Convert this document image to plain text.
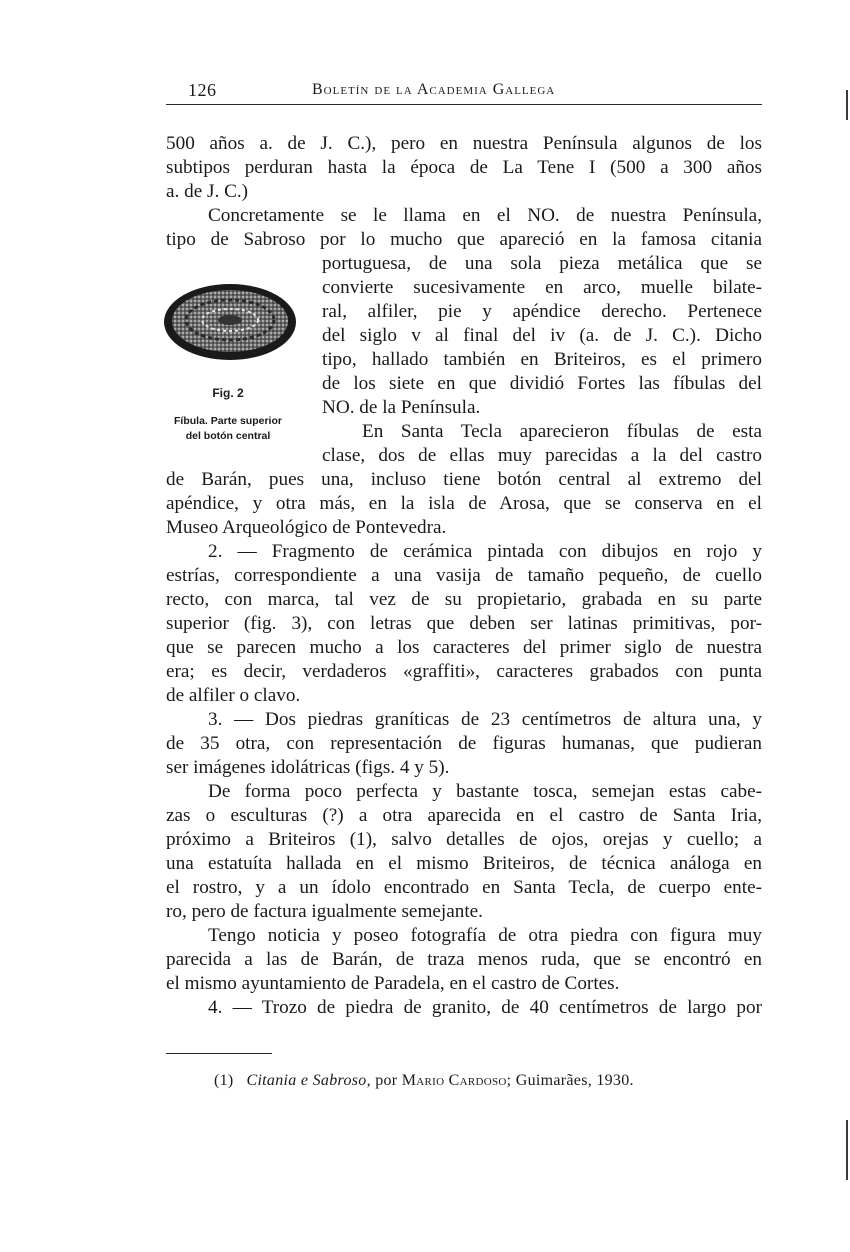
126	Boletín de la Academia Gallega
500 años a. de J. C.), pero en nuestra Península algunos de los
subtipos perduran hasta la época de La Tene I (500 a 300 años
a. de J. C.)
Concretamente se le llama en el NO. de nuestra Península,
tipo de Sabroso por lo mucho que apareció en la famosa citania
portuguesa, de una sola pieza metálica que se
convierte sucesivamente en arco, muelle bilate-
ral, alfiler, pie y apéndice derecho. Pertenece
del siglo v al final del iv (a. de J. C.). Dicho
tipo, hallado también en Briteiros, es el primero
de los siete en que dividió Fortes las fíbulas del
NO. de la Península.
En Santa Tecla aparecieron fíbulas de esta
clase, dos de ellas muy parecidas a la del castro
de Barán, pues una, incluso tiene botón central al extremo del
apéndice, y otra más, en la isla de Arosa, que se conserva en el
Museo Arqueológico de Pontevedra.
2. — Fragmento de cerámica pintada con dibujos en rojo y
estrías, correspondiente a una vasija de tamaño pequeño, de cuello
recto, con marca, tal vez de su propietario, grabada en su parte
superior (fig. 3), con letras que deben ser latinas primitivas, por-
que se parecen mucho a los caracteres del primer siglo de nuestra
era; es decir, verdaderos «graffiti», caracteres grabados con punta
de alfiler o clavo.
3. — Dos piedras graníticas de 23 centímetros de altura una, y
de 35 otra, con representación de figuras humanas, que pudieran
ser imágenes idolátricas (figs. 4 y 5).
De forma poco perfecta y bastante tosca, semejan estas cabe-
zas o esculturas (?) a otra aparecida en el castro de Santa Iria,
próximo a Briteiros (1), salvo detalles de ojos, orejas y cuello; a
una estatuíta hallada en el mismo Briteiros, de técnica análoga en
el rostro, y a un ídolo encontrado en Santa Tecla, de cuerpo ente-
ro, pero de factura igualmente semejante.
Tengo noticia y poseo fotografía de otra piedra con figura muy
parecida a las de Barán, de traza menos ruda, que se encontró en
el mismo ayuntamiento de Paradela, en el castro de Cortes.
4. — Trozo de piedra de granito, de 40 centímetros de largo por
Fig. 2
Fíbula. Parte superior
del botón central
(1) Citania e Sabroso, por Mario Cardoso; Guimarães, 1930.
